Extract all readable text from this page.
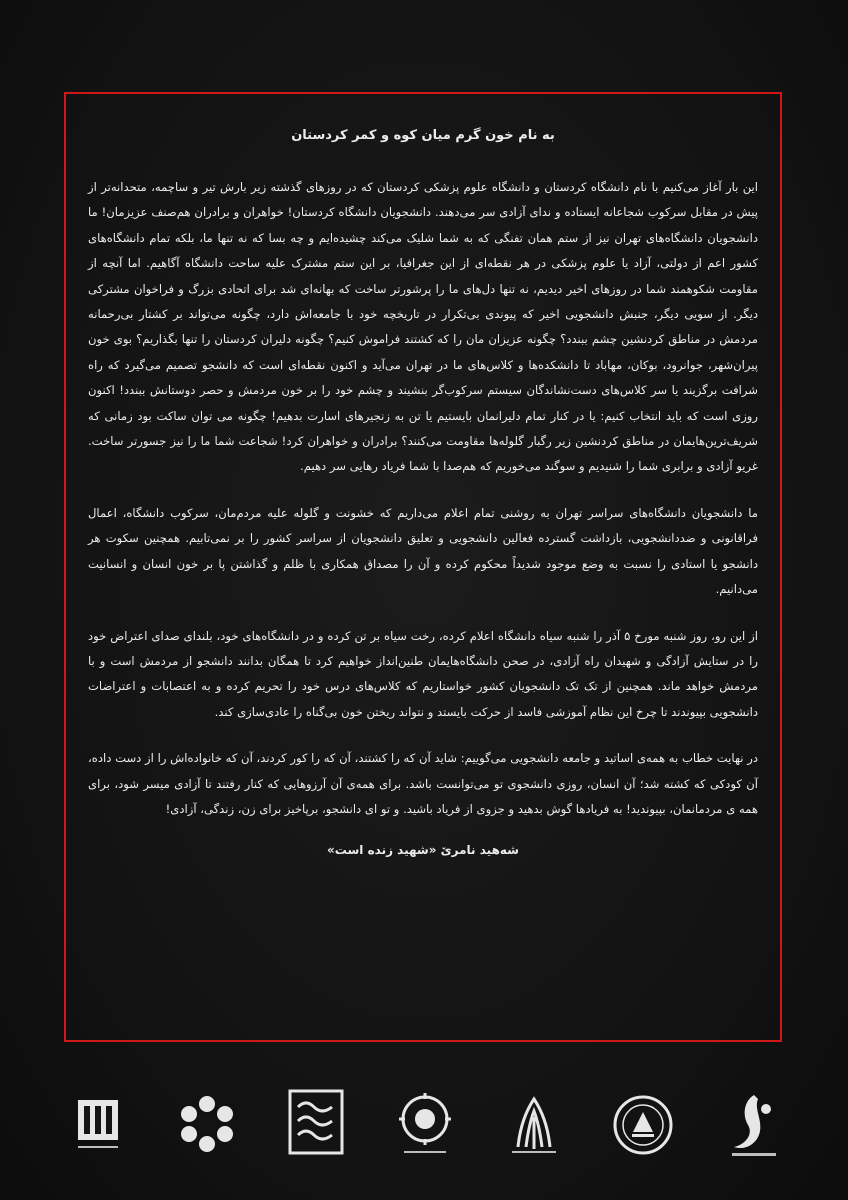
به نام خون گرم میان کوه و کمر کردستان

این بار آغاز می‌کنیم با نام دانشگاه کردستان و دانشگاه علوم پزشکی کردستان که در روزهای گذشته زیر بارش تیر و ساچمه، متحدانه‌تر از پیش در مقابل سرکوب شجاعانه ایستاده و ندای آزادی سر می‌دهند. دانشجویان دانشگاه کردستان! خواهران و برادران هم‌صنف عزیزمان! ما دانشجویان دانشگاه‌های تهران نیز از ستم همان تفنگی که به شما شلیک می‌کند چشیده‌ایم و چه بسا که نه تنها ما، بلکه تمام دانشگاه‌های کشور اعم از دولتی، آزاد یا علوم پزشکی در هر نقطه‌ای از این جغرافیا، بر این ستم مشترک علیه ساحت دانشگاه آگاهیم. اما آنچه از مقاومت شکوهمند شما در روزهای اخیر دیدیم، نه تنها دل‌های ما را پرشورتر ساخت که بهانه‌ای شد برای اتحادی بزرگ و فراخوان مشترکی دیگر. از سویی دیگر، جنبش دانشجویی اخیر که پیوندی بی‌تکرار در تاریخچه خود با جامعه‌اش دارد، چگونه می‌تواند بر کشتار بی‌رحمانه مردمش در مناطق کردنشین چشم ببندد؟ چگونه عزیزان مان را که کشتند فراموش کنیم؟ چگونه دلیران کردستان را تنها بگذاریم؟ بوی خون پیران‌شهر، جوانرود، بوکان، مهاباد تا دانشکده‌ها و کلاس‌های ما در تهران می‌آید و اکنون نقطه‌ای است که دانشجو تصمیم می‌گیرد که راه شرافت برگزیند یا سر کلاس‌های دست‌نشاندگان سیستم سرکوب‌گر بنشیند و چشم خود را بر خون مردمش و حصر دوستانش ببندد! اکنون روزی است که باید انتخاب کنیم: یا در کنار تمام دلیرانمان بایستیم یا تن به زنجیرهای اسارت بدهیم! چگونه می توان ساکت بود زمانی که شریف‌ترین‌هایمان در مناطق کردنشین زیر رگبار گلوله‌ها مقاومت می‌کنند؟ برادران و خواهران کرد! شجاعت شما ما را نیز جسورتر ساخت. غریو آزادی و برابری شما را شنیدیم و سوگند می‌خوریم که هم‌صدا با شما فریاد رهایی سر دهیم.

ما دانشجویان دانشگاه‌های سراسر تهران به روشنی تمام اعلام می‌داریم که خشونت و گلوله علیه مردم‌مان، سرکوب دانشگاه، اعمال فراقانونی و ضددانشجویی، بازداشت گسترده فعالین دانشجویی و تعلیق دانشجویان از سراسر کشور را بر نمی‌تابیم. همچنین سکوت هر دانشجو یا استادی را نسبت به وضع موجود شدیداً محکوم کرده و آن را مصداق همکاری با ظلم و گذاشتن پا بر خون انسان و انسانیت می‌دانیم.

از این رو، روز شنبه مورخ ۵ آذر را شنبه سیاه دانشگاه اعلام کرده، رخت سیاه بر تن کرده و در دانشگاه‌های خود، بلندای صدای اعتراض خود را در ستایش آزادگی و شهیدان راه آزادی، در صحن دانشگاه‌هایمان طنین‌انداز خواهیم کرد تا همگان بدانند دانشجو از مردمش است و با مردمش خواهد ماند. همچنین از تک تک دانشجویان کشور خواستاریم که کلاس‌های درس خود را تحریم کرده و به اعتصابات و اعتراضات دانشجویی بپیوندند تا چرخ این نظام آموزشی فاسد از حرکت بایستد و نتواند ریختن خون بی‌گناه را عادی‌سازی کند.

در نهایت خطاب به همه‌ی اساتید و جامعه دانشجویی می‌گوییم: شاید آن که را کشتند، آن که را کور کردند، آن که خانواده‌اش را از دست داده، آن کودکی که کشته شد؛ آن انسان، روزی دانشجوی تو می‌توانست باشد. برای همه‌ی آن آرزوهایی که کنار رفتند تا آزادی میسر شود، برای همه ی مردمانمان، بپیوندید! به فریادها گوش بدهید و جزوی از فریاد باشید. و تو ای دانشجو، برپاخیز برای زن، زندگی، آزادی!

شه‌هید نامرێ «شهید زنده است»
